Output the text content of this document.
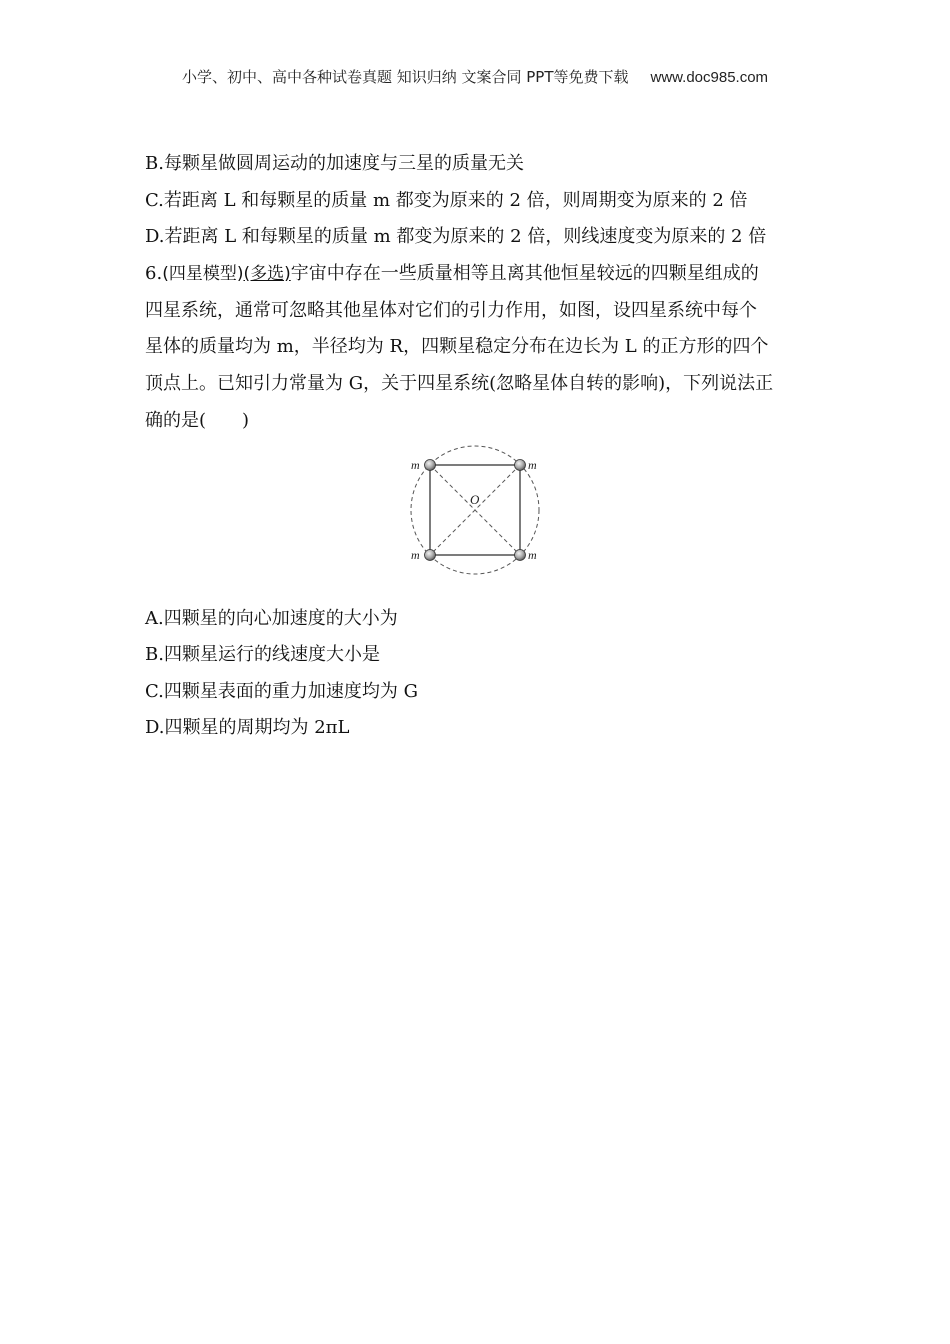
小学、初中、高中各种试卷真题 知识归纳 文案合同 PPT等免费下载 www.doc985.com
B.每颗星做圆周运动的加速度与三星的质量无关
C.若距离 L 和每颗星的质量 m 都变为原来的 2 倍，则周期变为原来的 2 倍
D.若距离 L 和每颗星的质量 m 都变为原来的 2 倍，则线速度变为原来的 2 倍
6.(四星模型)(多选)宇宙中存在一些质量相等且离其他恒星较远的四颗星组成的
四星系统，通常可忽略其他星体对它们的引力作用，如图，设四星系统中每个
星体的质量均为 m，半径均为 R，四颗星稳定分布在边长为 L 的正方形的四个
顶点上。已知引力常量为 G，关于四星系统(忽略星体自转的影响)，下列说法正
确的是(　　)
O
m	m
m	m
A.四颗星的向心加速度的大小为
B.四颗星运行的线速度大小是
C.四颗星表面的重力加速度均为 G
D.四颗星的周期均为 2πL
